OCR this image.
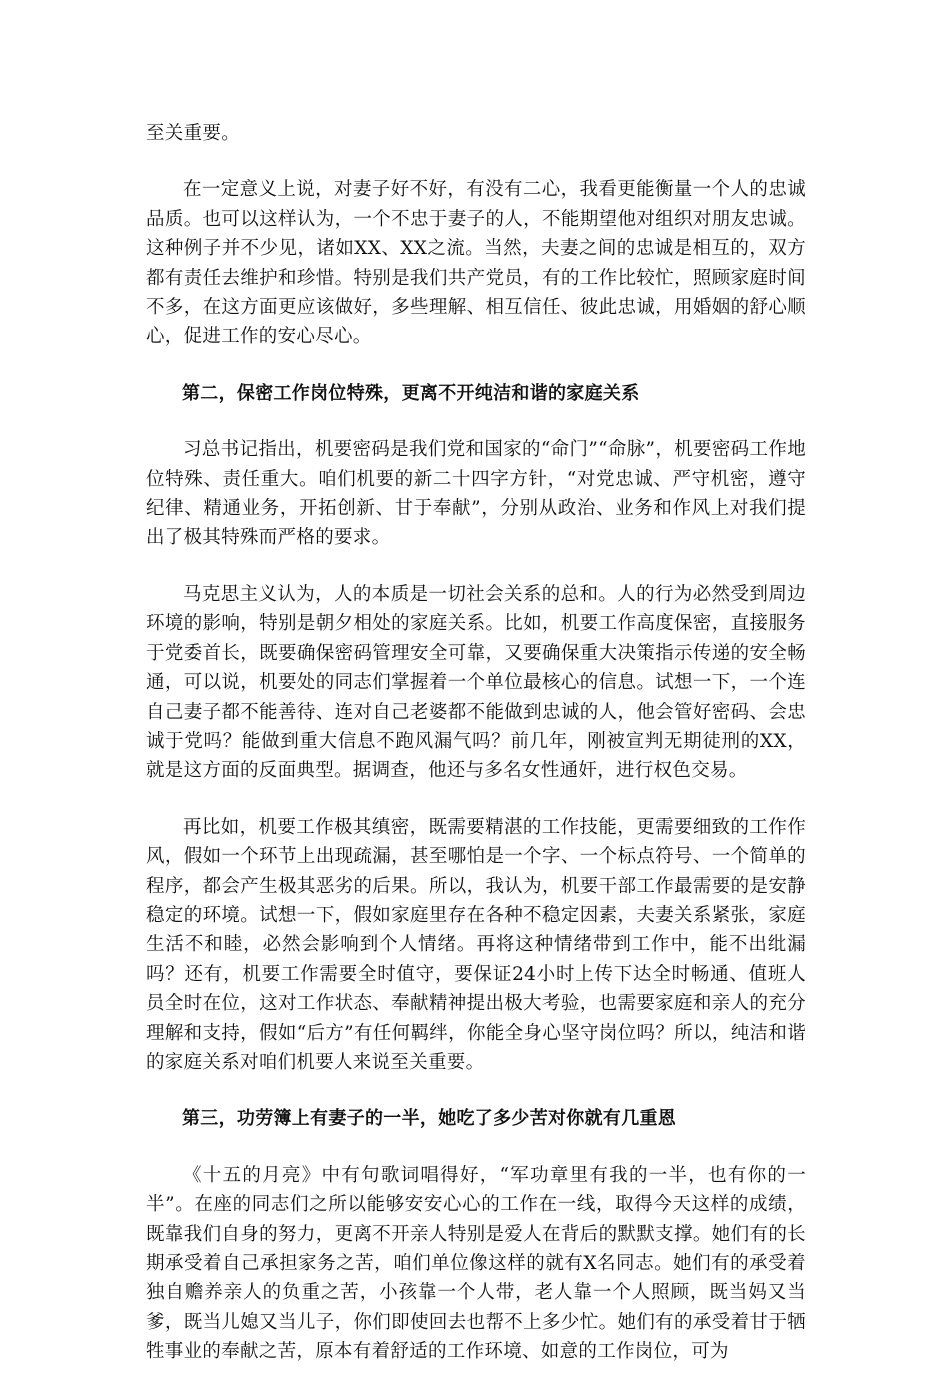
至关重要。

在一定意义上说，对妻子好不好，有没有二心，我看更能衡量一个人的忠诚品质。也可以这样认为，一个不忠于妻子的人，不能期望他对组织对朋友忠诚。这种例子并不少见，诸如XX、XX之流。当然，夫妻之间的忠诚是相互的，双方都有责任去维护和珍惜。特别是我们共产党员，有的工作比较忙，照顾家庭时间不多，在这方面更应该做好，多些理解、相互信任、彼此忠诚，用婚姻的舒心顺心，促进工作的安心尽心。

第二，保密工作岗位特殊，更离不开纯洁和谐的家庭关系

习总书记指出，机要密码是我们党和国家的“命门”“命脉”，机要密码工作地位特殊、责任重大。咱们机要的新二十四字方针，“对党忠诚、严守机密，遵守纪律、精通业务，开拓创新、甘于奉献”，分别从政治、业务和作风上对我们提出了极其特殊而严格的要求。

马克思主义认为，人的本质是一切社会关系的总和。人的行为必然受到周边环境的影响，特别是朝夕相处的家庭关系。比如，机要工作高度保密，直接服务于党委首长，既要确保密码管理安全可靠，又要确保重大决策指示传递的安全畅通，可以说，机要处的同志们掌握着一个单位最核心的信息。试想一下，一个连自己妻子都不能善待、连对自己老婆都不能做到忠诚的人，他会管好密码、会忠诚于党吗？能做到重大信息不跑风漏气吗？前几年，刚被宣判无期徒刑的XX，就是这方面的反面典型。据调查，他还与多名女性通奸，进行权色交易。

再比如，机要工作极其缜密，既需要精湛的工作技能，更需要细致的工作作风，假如一个环节上出现疏漏，甚至哪怕是一个字、一个标点符号、一个简单的程序，都会产生极其恶劣的后果。所以，我认为，机要干部工作最需要的是安静稳定的环境。试想一下，假如家庭里存在各种不稳定因素，夫妻关系紧张，家庭生活不和睦，必然会影响到个人情绪。再将这种情绪带到工作中，能不出纰漏吗？还有，机要工作需要全时值守，要保证24小时上传下达全时畅通、值班人员全时在位，这对工作状态、奉献精神提出极大考验，也需要家庭和亲人的充分理解和支持，假如“后方”有任何羁绊，你能全身心坚守岗位吗？所以，纯洁和谐的家庭关系对咱们机要人来说至关重要。

第三，功劳簿上有妻子的一半，她吃了多少苦对你就有几重恩

《十五的月亮》中有句歌词唱得好，“军功章里有我的一半，也有你的一半”。在座的同志们之所以能够安安心心的工作在一线，取得今天这样的成绩，既靠我们自身的努力，更离不开亲人特别是爱人在背后的默默支撑。她们有的长期承受着自己承担家务之苦，咱们单位像这样的就有X名同志。她们有的承受着独自赡养亲人的负重之苦，小孩靠一个人带，老人靠一个人照顾，既当妈又当爹，既当儿媳又当儿子，你们即使回去也帮不上多少忙。她们有的承受着甘于牺牲事业的奉献之苦，原本有着舒适的工作环境、如意的工作岗位，可为
